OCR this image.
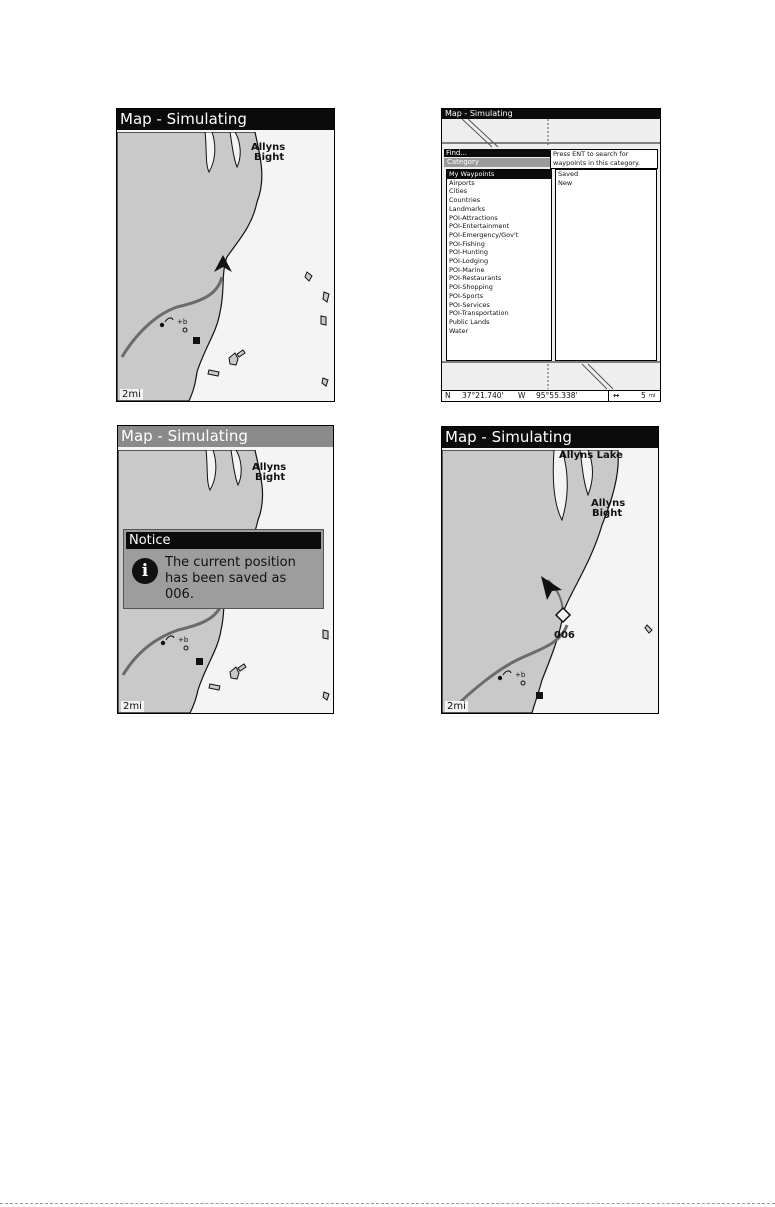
Map - Simulating
+b
Allyns
Bight
2mi
Map - Simulating
Find...
Category
Press ENT to search for
waypoints in this category.
My Waypoints
Airports
Cities
Countries
Landmarks
POI-Attractions
POI-Entertainment
POI-Emergency/Gov't
POI-Fishing
POI-Hunting
POI-Lodging
POI-Marine
POI-Restaurants
POI-Shopping
POI-Sports
POI-Services
POI-Transportation
Public Lands
Water
Saved
New
N 37°21.740' W 95°55.338'	↔	5 mi
Map - Simulating
+b
Allyns
Bight
Notice
i	The current position
has been saved as
006.
2mi
Map - Simulating
+b
006
Allyns Lake
Allyns
Bight
2mi
